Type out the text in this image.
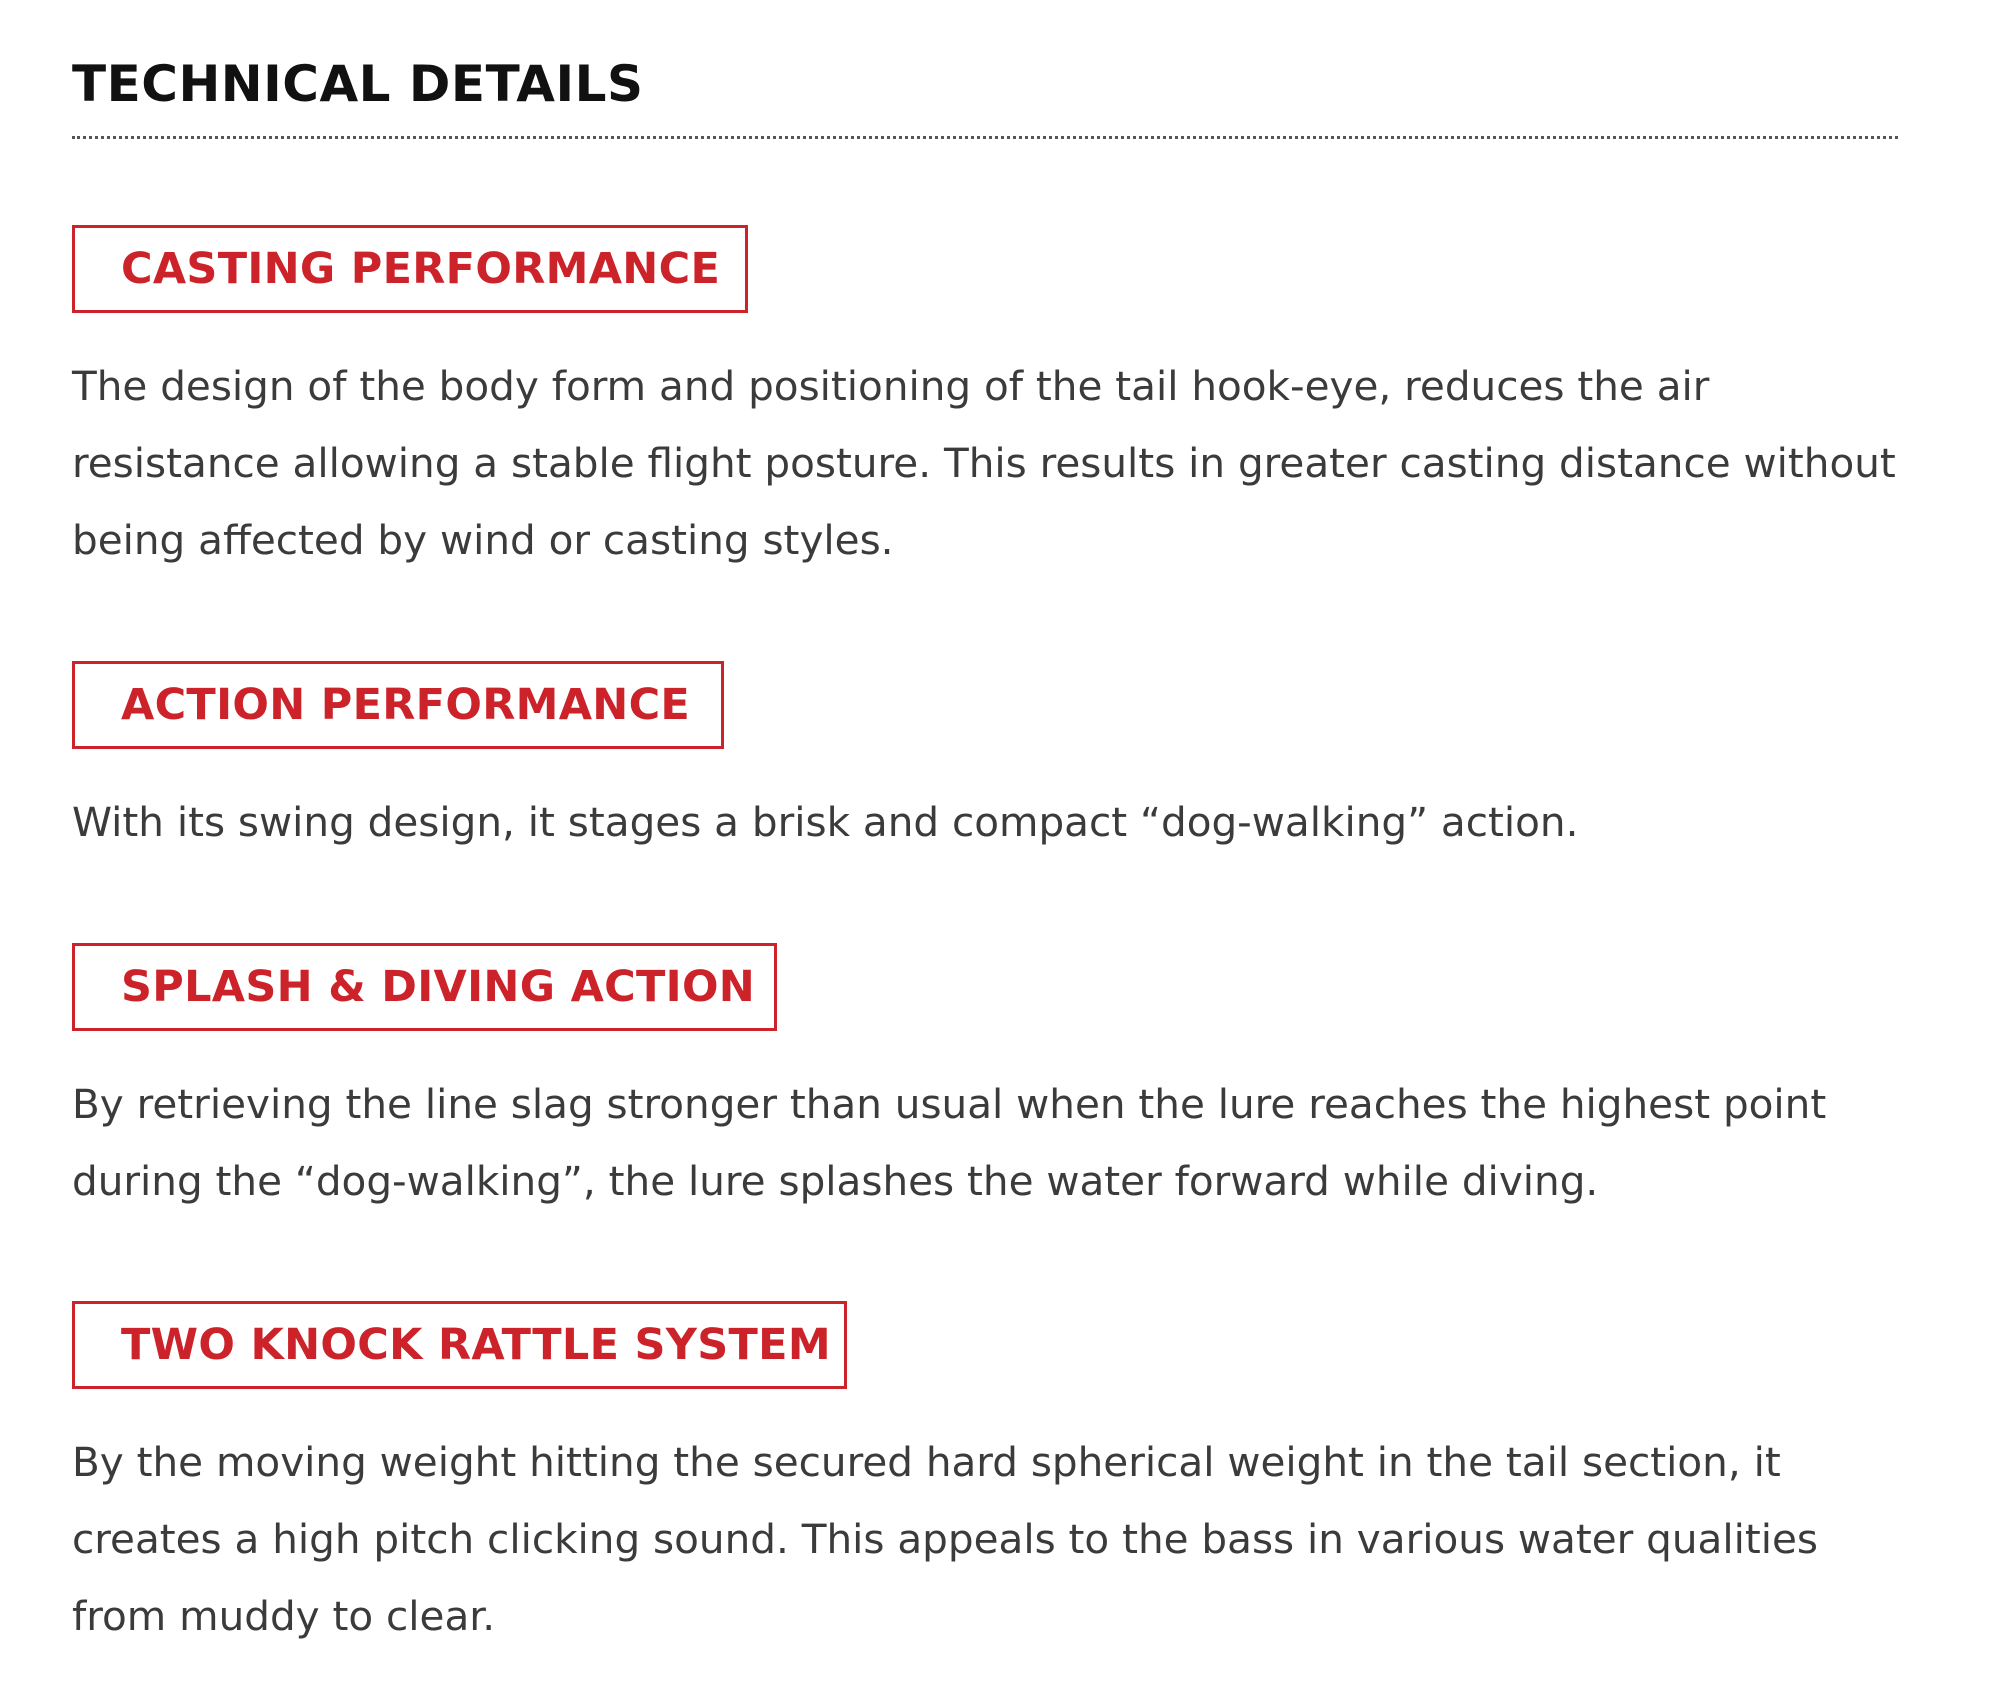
TECHNICAL DETAILS
CASTING PERFORMANCE

The design of the body form and positioning of the tail hook-eye, reduces the air resistance allowing a stable flight posture. This results in greater casting distance without being affected by wind or casting styles.

ACTION PERFORMANCE

With its swing design, it stages a brisk and compact “dog-walking” action.

SPLASH & DIVING ACTION

By retrieving the line slag stronger than usual when the lure reaches the highest point during the “dog-walking”, the lure splashes the water forward while diving.

TWO KNOCK RATTLE SYSTEM

By the moving weight hitting the secured hard spherical weight in the tail section, it creates a high pitch clicking sound. This appeals to the bass in various water qualities from muddy to clear.
